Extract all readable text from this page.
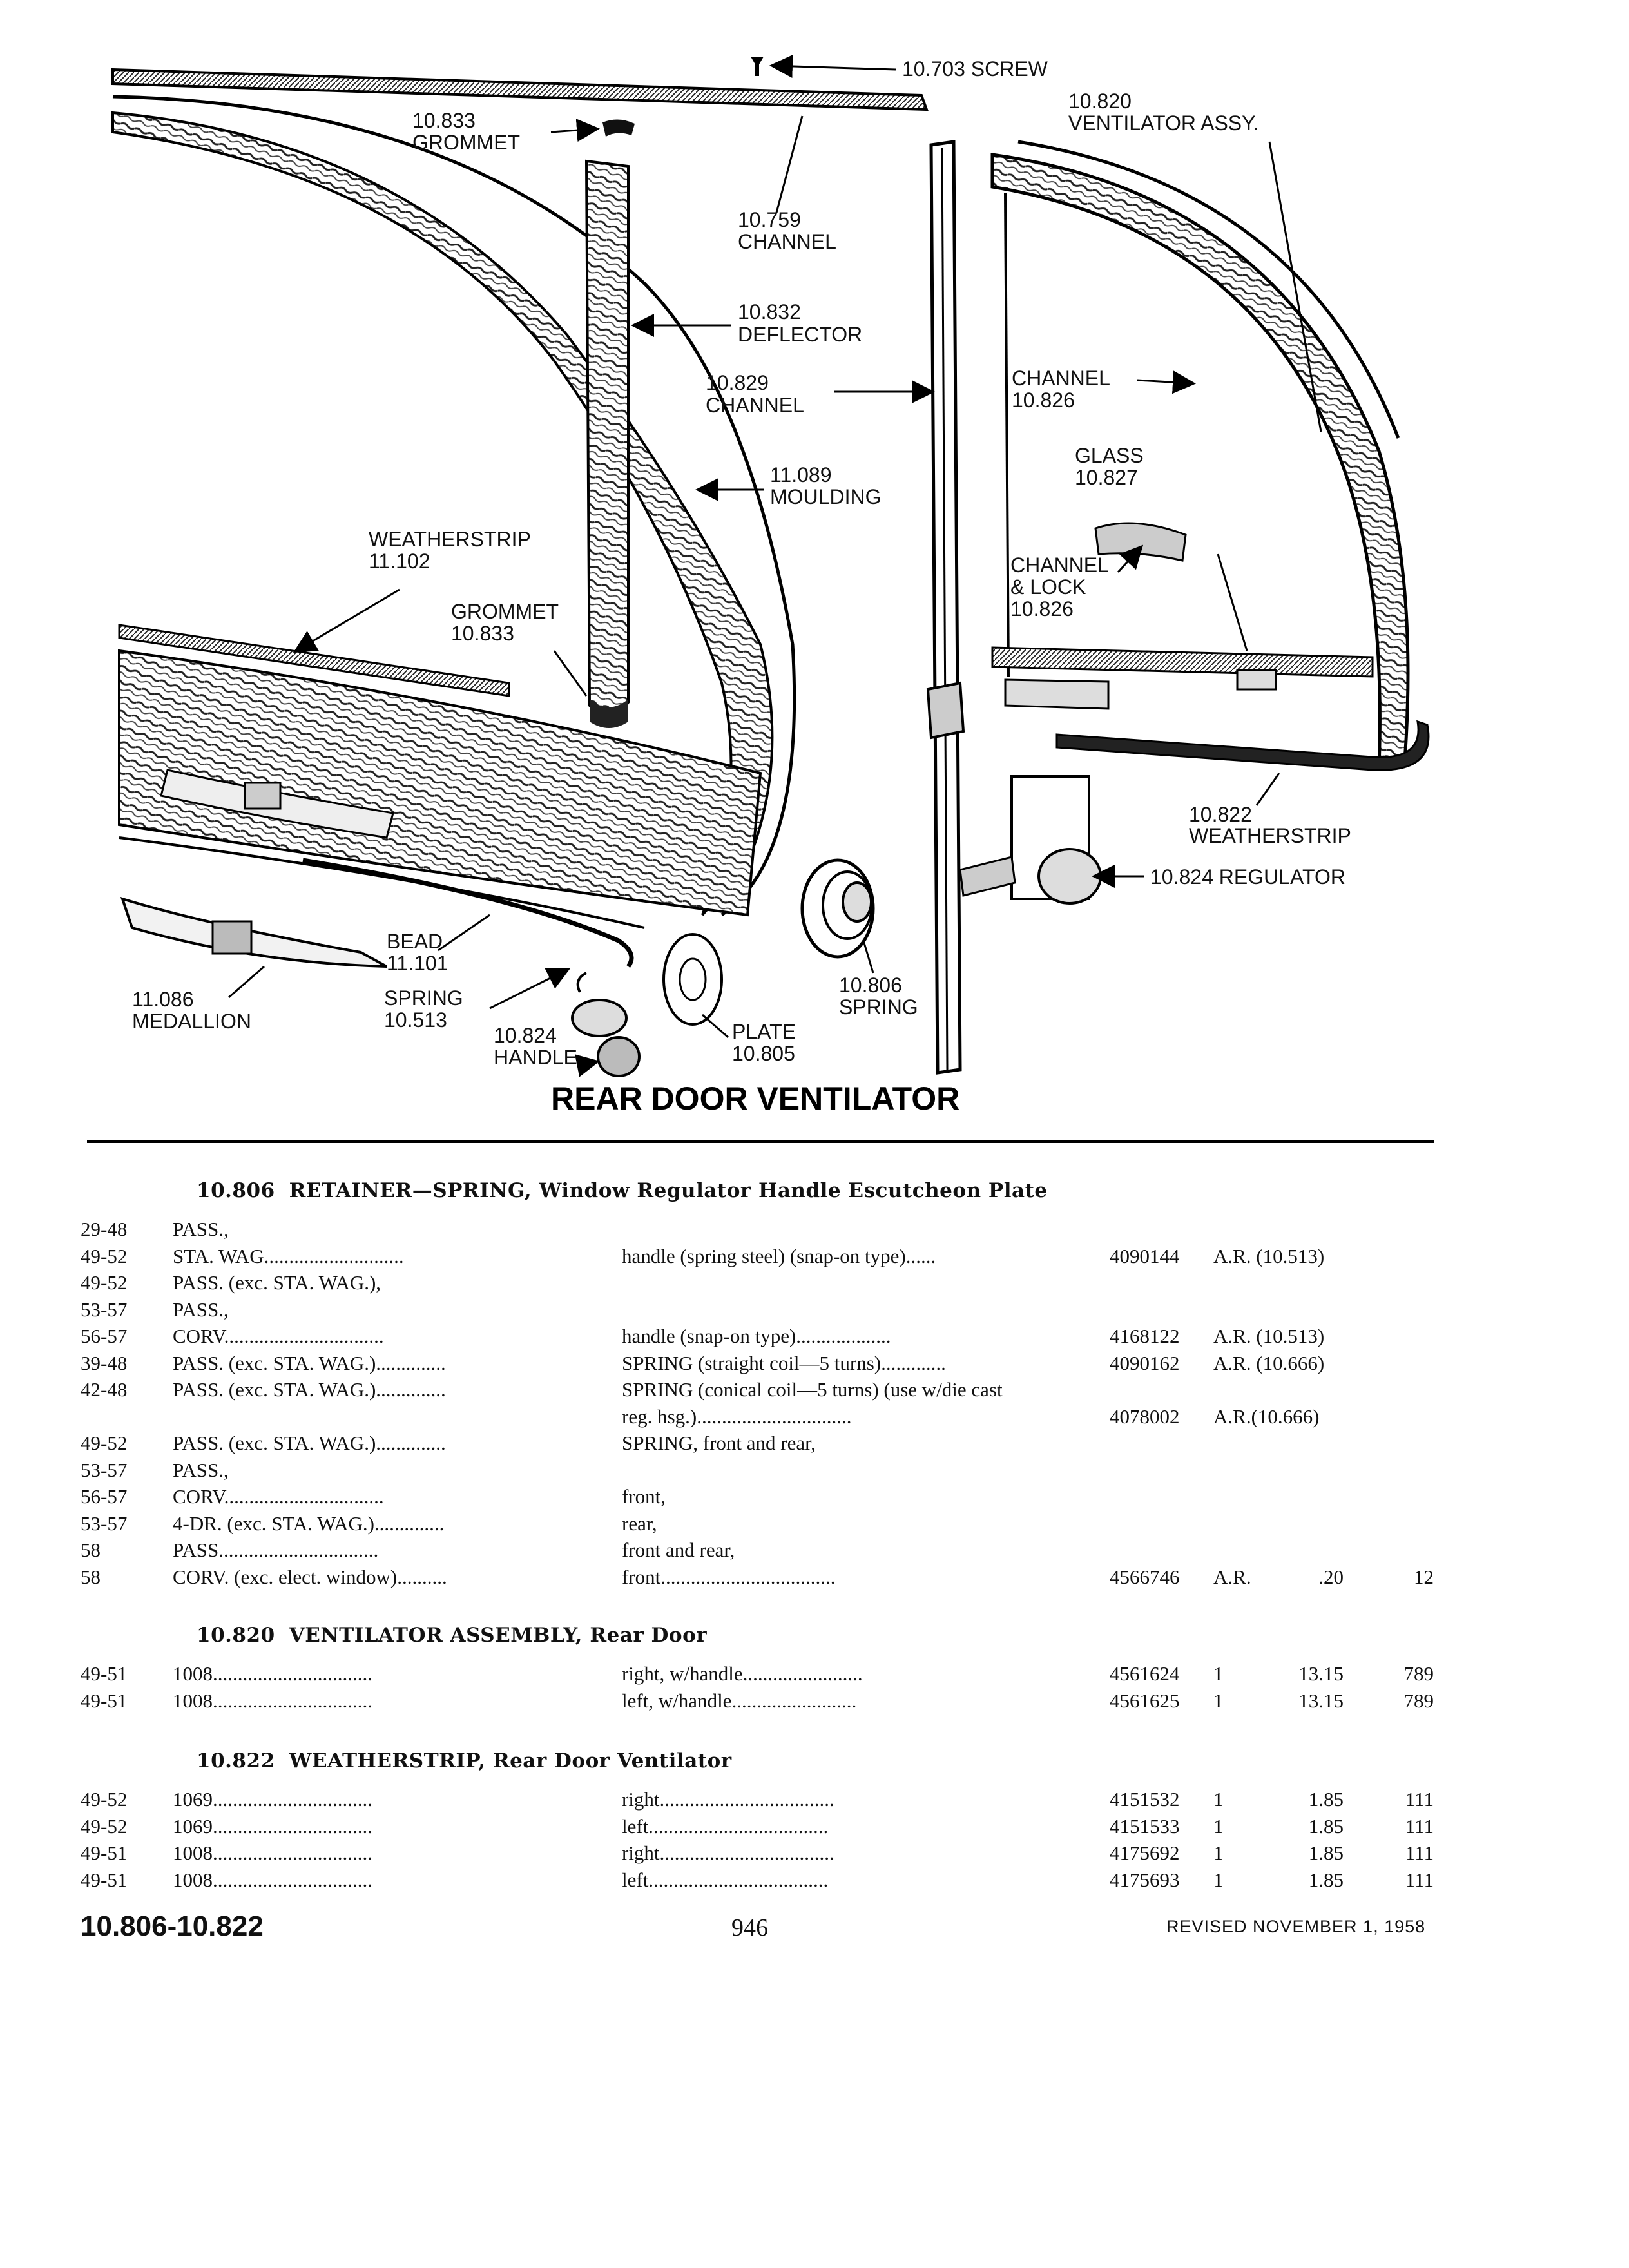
10.703 SCREW
10.820
VENTILATOR ASSY.
10.833
GROMMET
10.759
CHANNEL
10.832
DEFLECTOR
10.829
CHANNEL
CHANNEL
10.826
GLASS
10.827
11.089
MOULDING
WEATHERSTRIP
11.102	CHANNEL
& LOCK
10.826
GROMMET
10.833
10.822
WEATHERSTRIP
10.824 REGULATOR
BEAD
11.101
10.806
SPRING
11.086
MEDALLION
SPRING
10.513
10.824
HANDLE
PLATE
10.805
REAR DOOR VENTILATOR
10.806 RETAINER—SPRING, Window Regulator Handle Escutcheon Plate
29-48 PASS.,
49-52 STA. WAG............................	handle (spring steel) (snap-on type)......	4090144 A.R. (10.513)
49-52 PASS. (exc. STA. WAG.),
53-57 PASS.,
56-57 CORV................................	handle (snap-on type)...................	4168122 A.R. (10.513)
39-48 PASS. (exc. STA. WAG.)..............	SPRING (straight coil—5 turns).............	4090162 A.R. (10.666)
42-48 PASS. (exc. STA. WAG.)..............	SPRING (conical coil—5 turns) (use w/die cast
reg. hsg.)...............................	4078002 A.R.(10.666)
49-52 PASS. (exc. STA. WAG.)..............	SPRING, front and rear,
53-57 PASS.,
56-57 CORV................................	front,
53-57 4-DR. (exc. STA. WAG.)..............	rear,
58	PASS................................	front and rear,
58	CORV. (exc. elect. window)..........	front...................................	4566746 A.R.	.20	12
10.820 VENTILATOR ASSEMBLY, Rear Door
49-51 1008................................	right, w/handle........................	4561624 1	13.15	789
49-51 1008................................	left, w/handle.........................	4561625 1	13.15	789
10.822 WEATHERSTRIP, Rear Door Ventilator
49-52 1069................................	right...................................	4151532 1	1.85	111
49-52 1069................................	left....................................	4151533 1	1.85	111
49-51 1008................................	right...................................	4175692 1	1.85	111
49-51 1008................................	left....................................	4175693 1	1.85	111
10.806-10.822	946	REVISED NOVEMBER 1, 1958
